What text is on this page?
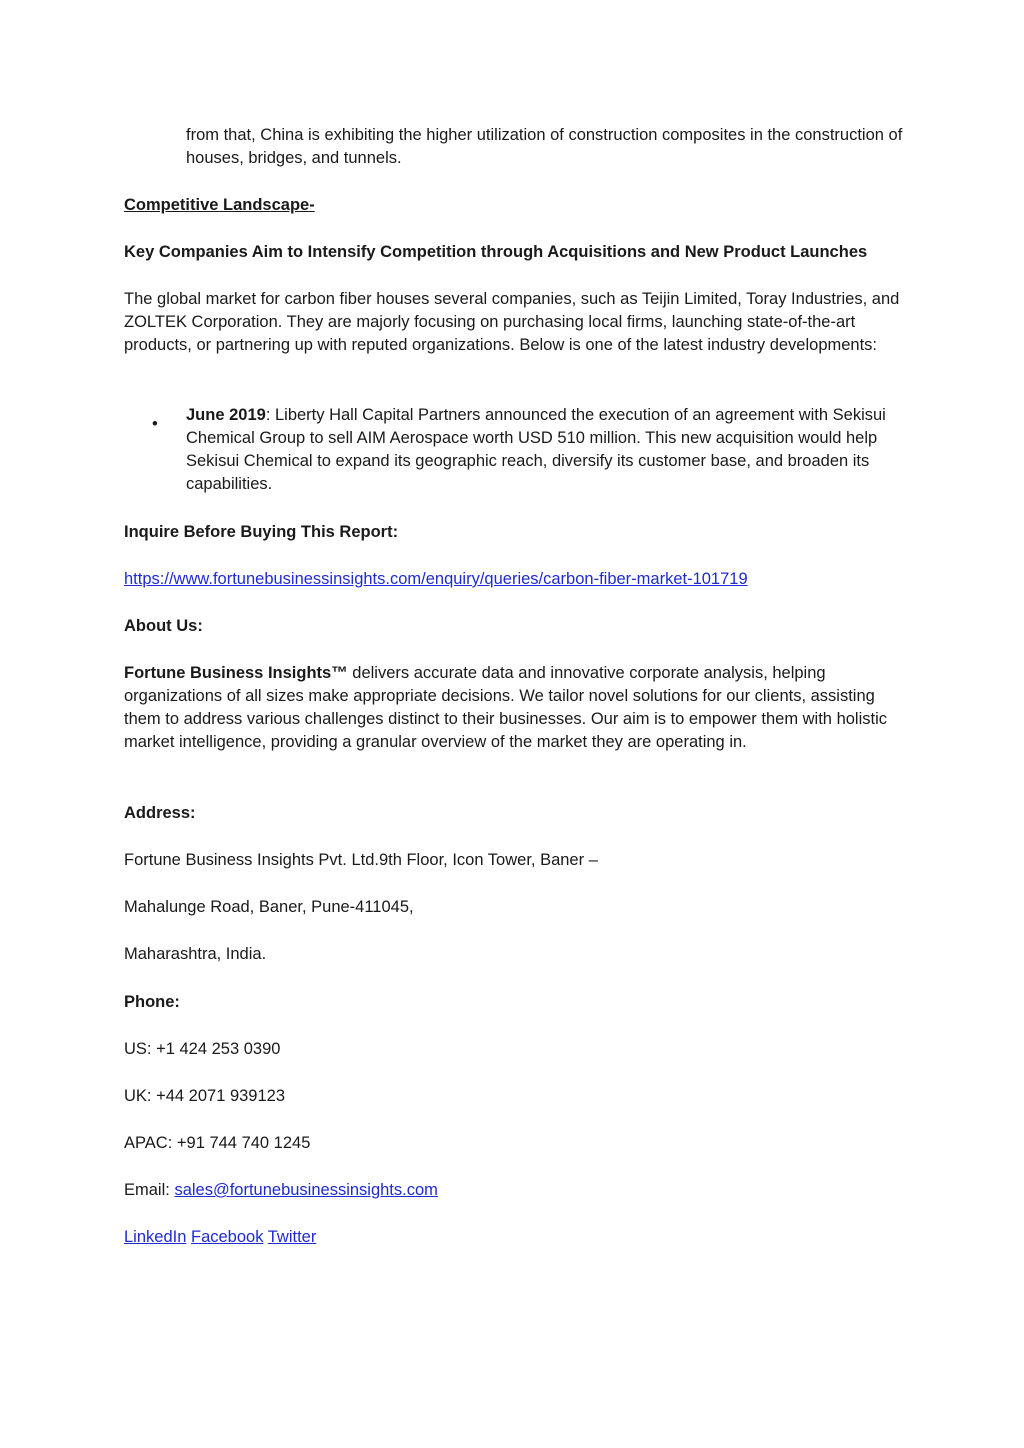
from that, China is exhibiting the higher utilization of construction composites in the construction of houses, bridges, and tunnels.

Competitive Landscape-

Key Companies Aim to Intensify Competition through Acquisitions and New Product Launches

The global market for carbon fiber houses several companies, such as Teijin Limited, Toray Industries, and ZOLTEK Corporation. They are majorly focusing on purchasing local firms, launching state-of-the-art products, or partnering up with reputed organizations. Below is one of the latest industry developments:

• June 2019: Liberty Hall Capital Partners announced the execution of an agreement with Sekisui Chemical Group to sell AIM Aerospace worth USD 510 million. This new acquisition would help Sekisui Chemical to expand its geographic reach, diversify its customer base, and broaden its capabilities.

Inquire Before Buying This Report:

https://www.fortunebusinessinsights.com/enquiry/queries/carbon-fiber-market-101719

About Us:

Fortune Business Insights™ delivers accurate data and innovative corporate analysis, helping organizations of all sizes make appropriate decisions. We tailor novel solutions for our clients, assisting them to address various challenges distinct to their businesses. Our aim is to empower them with holistic market intelligence, providing a granular overview of the market they are operating in.

Address:

Fortune Business Insights Pvt. Ltd.9th Floor, Icon Tower, Baner –

Mahalunge Road, Baner, Pune-411045,

Maharashtra, India.

Phone:

US: +1 424 253 0390

UK: +44 2071 939123

APAC: +91 744 740 1245

Email: sales@fortunebusinessinsights.com

LinkedIn Facebook Twitter
